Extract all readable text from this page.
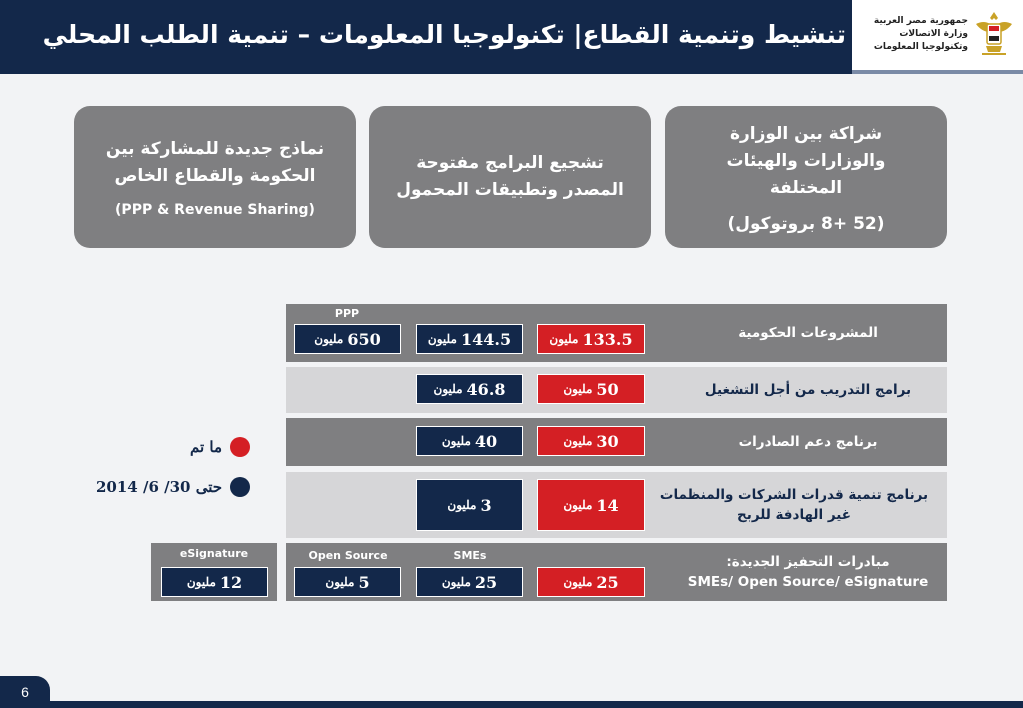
تنشيط وتنمية القطاع| تكنولوجيا المعلومات – تنمية الطلب المحلي	جمهورية مصر العربية
وزارة الاتصالات
وتكنولوجيا المعلومات
شراكة بين الوزارة والوزارات والهيئات المختلفة
(52 +8 بروتوكول)
تشجيع البرامج مفتوحة المصدر وتطبيقات المحمول
نماذج جديدة للمشاركة بين الحكومة والقطاع الخاص
(PPP & Revenue Sharing)
المشروعات الحكومية
PPP
133.5
مليون
144.5
مليون
650
مليون
برامج التدريب من أجل التشغيل
50
مليون
46.8
مليون
برنامج دعم الصادرات
30
مليون
40
مليون
برنامج تنمية قدرات الشركات والمنظمات غير الهادفة للربح
14
مليون
3
مليون
مبادرات التحفيز الجديدة:
SMEs/ Open Source/ eSignature
SMEs
Open Source
eSignature
25
مليون
25
مليون
5
مليون
12
مليون
ما تم
حتى 30/ 6/ 2014
6
